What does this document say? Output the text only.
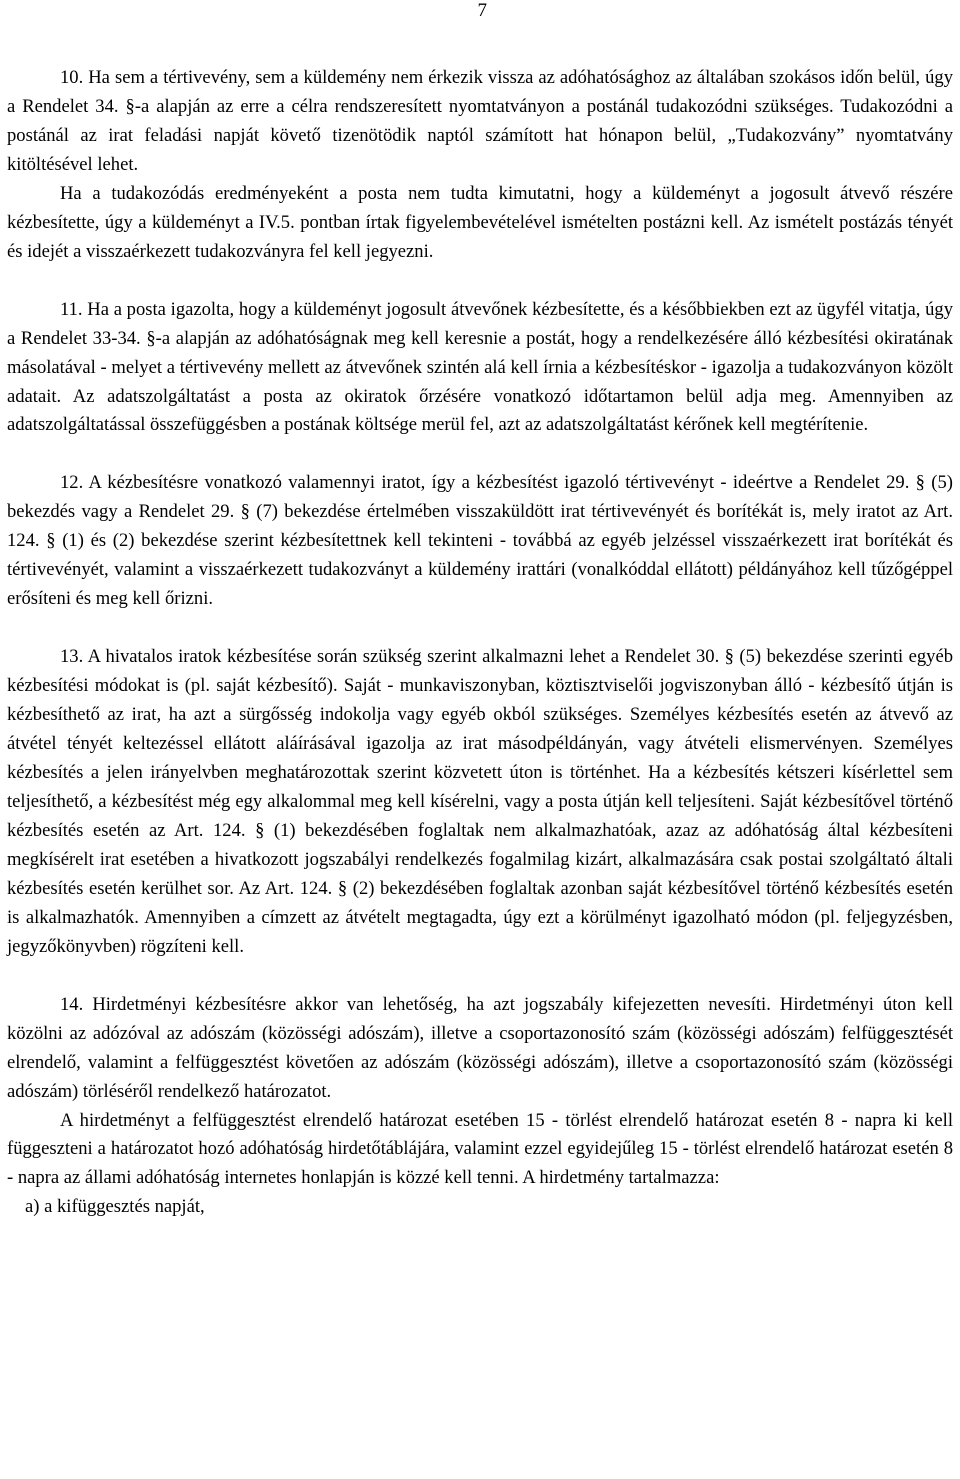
7

10. Ha sem a tértivevény, sem a küldemény nem érkezik vissza az adóhatósághoz az általában szokásos időn belül, úgy a Rendelet 34. §-a alapján az erre a célra rendszeresített nyomtatványon a postánál tudakozódni szükséges. Tudakozódni a postánál az irat feladási napját követő tizenötödik naptól számított hat hónapon belül, „Tudakozvány” nyomtatvány kitöltésével lehet.

Ha a tudakozódás eredményeként a posta nem tudta kimutatni, hogy a küldeményt a jogosult átvevő részére kézbesítette, úgy a küldeményt a IV.5. pontban írtak figyelembevételével ismételten postázni kell. Az ismételt postázás tényét és idejét a visszaérkezett tudakozványra fel kell jegyezni.

11. Ha a posta igazolta, hogy a küldeményt jogosult átvevőnek kézbesítette, és a későbbiekben ezt az ügyfél vitatja, úgy a Rendelet 33-34. §-a alapján az adóhatóságnak meg kell keresnie a postát, hogy a rendelkezésére álló kézbesítési okiratának másolatával - melyet a tértivevény mellett az átvevőnek szintén alá kell írnia a kézbesítéskor - igazolja a tudakozványon közölt adatait. Az adatszolgáltatást a posta az okiratok őrzésére vonatkozó időtartamon belül adja meg. Amennyiben az adatszolgáltatással összefüggésben a postának költsége merül fel, azt az adatszolgáltatást kérőnek kell megtérítenie.

12. A kézbesítésre vonatkozó valamennyi iratot, így a kézbesítést igazoló tértivevényt - ideértve a Rendelet 29. § (5) bekezdés vagy a Rendelet 29. § (7) bekezdése értelmében visszaküldött irat tértivevényét és borítékát is, mely iratot az Art. 124. § (1) és (2) bekezdése szerint kézbesítettnek kell tekinteni - továbbá az egyéb jelzéssel visszaérkezett irat borítékát és tértivevényét, valamint a visszaérkezett tudakozványt a küldemény irattári (vonalkóddal ellátott) példányához kell tűzőgéppel erősíteni és meg kell őrizni.

13. A hivatalos iratok kézbesítése során szükség szerint alkalmazni lehet a Rendelet 30. § (5) bekezdése szerinti egyéb kézbesítési módokat is (pl. saját kézbesítő). Saját - munkaviszonyban, köztisztviselői jogviszonyban álló - kézbesítő útján is kézbesíthető az irat, ha azt a sürgősség indokolja vagy egyéb okból szükséges. Személyes kézbesítés esetén az átvevő az átvétel tényét keltezéssel ellátott aláírásával igazolja az irat másodpéldányán, vagy átvételi elismervényen. Személyes kézbesítés a jelen irányelvben meghatározottak szerint közvetett úton is történhet. Ha a kézbesítés kétszeri kísérlettel sem teljesíthető, a kézbesítést még egy alkalommal meg kell kísérelni, vagy a posta útján kell teljesíteni. Saját kézbesítővel történő kézbesítés esetén az Art. 124. § (1) bekezdésében foglaltak nem alkalmazhatóak, azaz az adóhatóság által kézbesíteni megkísérelt irat esetében a hivatkozott jogszabályi rendelkezés fogalmilag kizárt, alkalmazására csak postai szolgáltató általi kézbesítés esetén kerülhet sor. Az Art. 124. § (2) bekezdésében foglaltak azonban saját kézbesítővel történő kézbesítés esetén is alkalmazhatók. Amennyiben a címzett az átvételt megtagadta, úgy ezt a körülményt igazolható módon (pl. feljegyzésben, jegyzőkönyvben) rögzíteni kell.

14. Hirdetményi kézbesítésre akkor van lehetőség, ha azt jogszabály kifejezetten nevesíti. Hirdetményi úton kell közölni az adózóval az adószám (közösségi adószám), illetve a csoportazonosító szám (közösségi adószám) felfüggesztését elrendelő, valamint a felfüggesztést követően az adószám (közösségi adószám), illetve a csoportazonosító szám (közösségi adószám) törléséről rendelkező határozatot.

A hirdetményt a felfüggesztést elrendelő határozat esetében 15 - törlést elrendelő határozat esetén 8 - napra ki kell függeszteni a határozatot hozó adóhatóság hirdetőtáblájára, valamint ezzel egyidejűleg 15 - törlést elrendelő határozat esetén 8 - napra az állami adóhatóság internetes honlapján is közzé kell tenni. A hirdetmény tartalmazza:

a) a kifüggesztés napját,
